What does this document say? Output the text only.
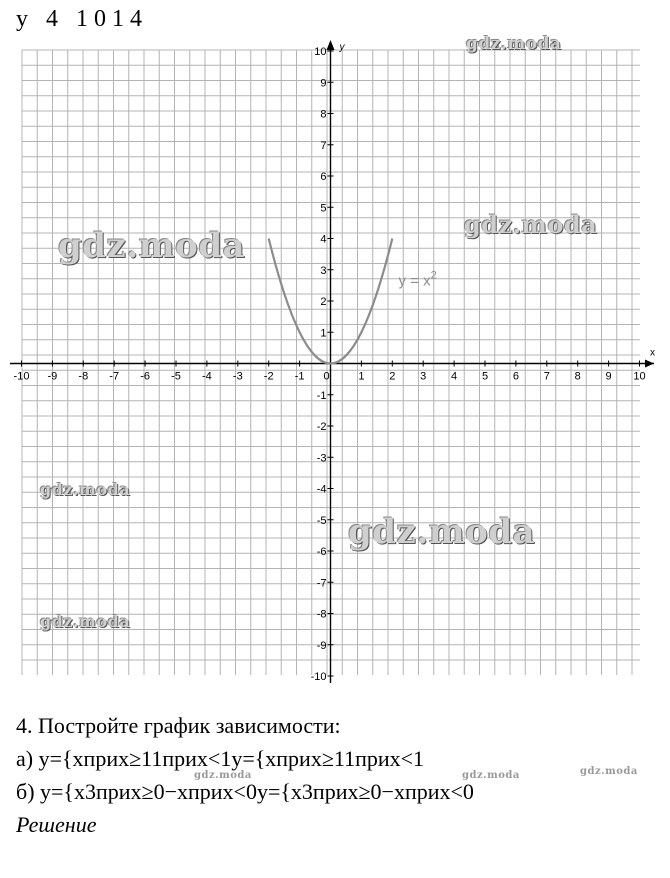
у 4 1014
x
y
-10 -9 -8 -7 -6 -5 -4 -3 -2 -1 0	1 2 3 4 5 6 7 8 9 10
10
9
8
7
6
5
4
3
2
1
-1
-2
-3
-4
-5
-6
-7
-8
-9
-10
$y = x^2$
gdz.moda
gdz.moda
gdz.moda
gdz.moda
gdz.moda
gdz.moda
4. Постройте график зависимости:
а) y={xприх≥11прих<1y={xприх≥11прих<1
б) y={x3прих≥0−xприх<0y={x3прих≥0−xприх<0
Решение
gdz.moda	gdz.moda	gdz.moda
